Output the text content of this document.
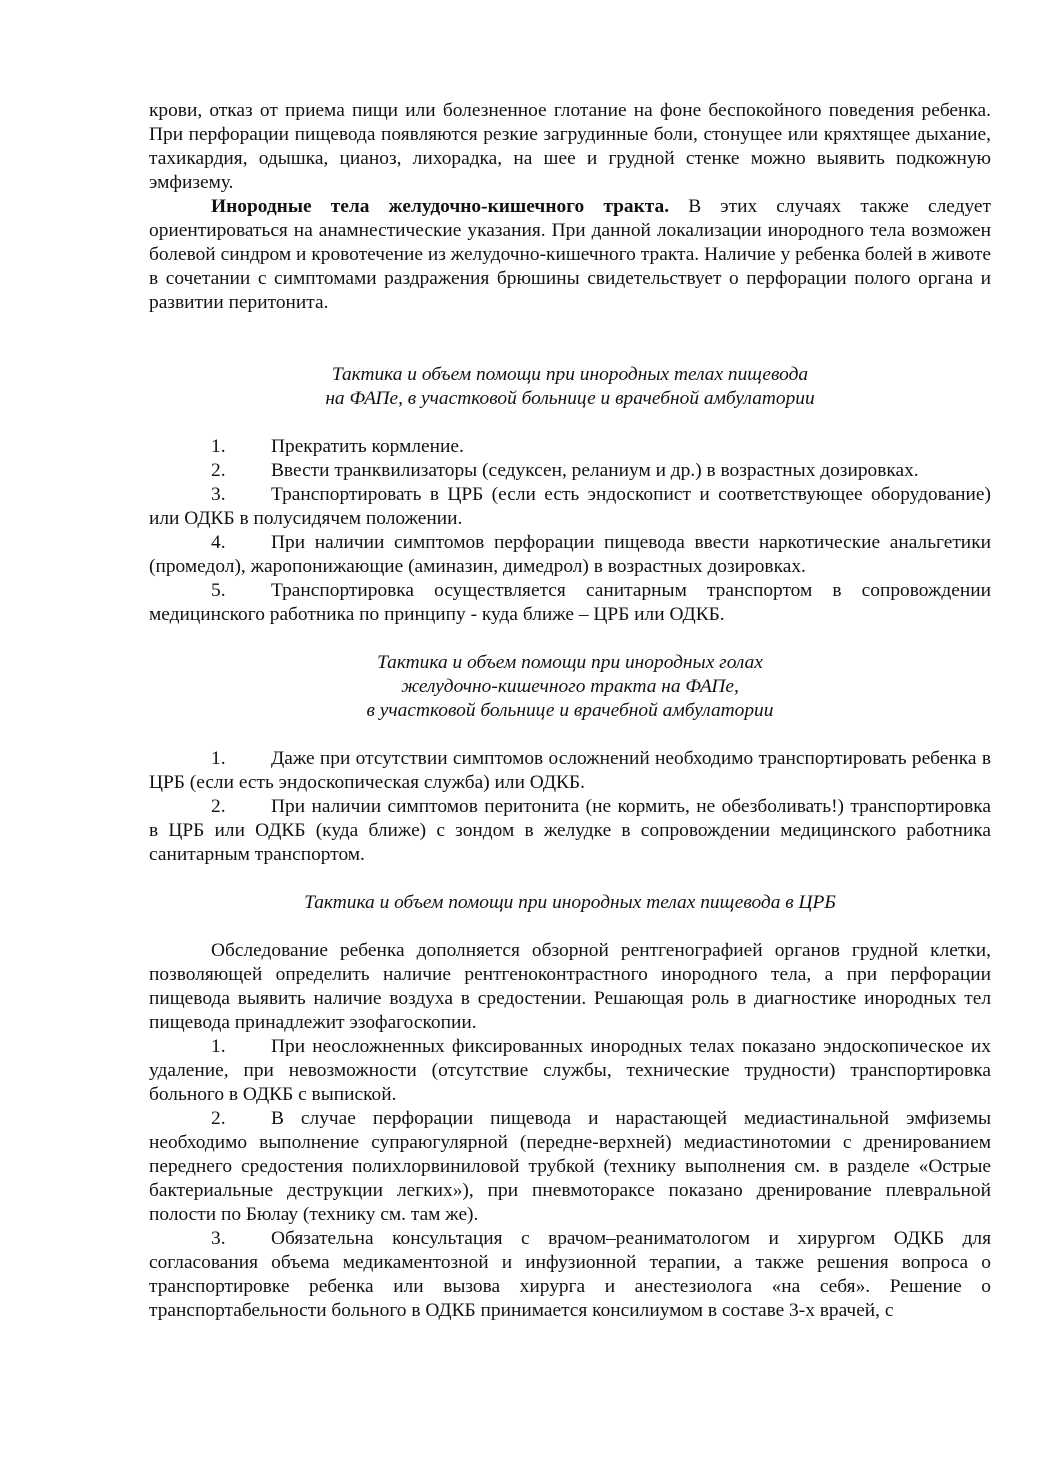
крови, отказ от приема пищи или болезненное глотание на фоне беспокойного поведения ребенка. При перфорации пищевода появляются резкие загрудинные боли, стонущее или кряхтящее дыхание, тахикардия, одышка, цианоз, лихорадка, на шее и грудной стенке можно выявить подкожную эмфизему.

Инородные тела желудочно-кишечного тракта. В этих случаях также следует ориентироваться на анамнестические указания. При данной локализации инородного тела возможен болевой синдром и кровотечение из желудочно-кишечного тракта. Наличие у ребенка болей в животе в сочетании с симптомами раздражения брюшины свидетельствует о перфорации полого органа и развитии перитонита.

Тактика и объем помощи при инородных телах пищевода
на ФАПе, в участковой больнице и врачебной амбулатории

1. Прекратить кормление.

2. Ввести транквилизаторы (седуксен, реланиум и др.) в возрастных дозировках.

3. Транспортировать в ЦРБ (если есть эндоскопист и соответствующее оборудование) или ОДКБ в полусидячем положении.

4. При наличии симптомов перфорации пищевода ввести наркотические анальгетики (промедол), жаропонижающие (аминазин, димедрол) в возрастных дозировках.

5. Транспортировка осуществляется санитарным транспортом в сопровождении медицинского работника по принципу - куда ближе – ЦРБ или ОДКБ.

Тактика и объем помощи при инородных голах
желудочно-кишечного тракта на ФАПе,
в участковой больнице и врачебной амбулатории

1. Даже при отсутствии симптомов осложнений необходимо транспортировать ребенка в ЦРБ (если есть эндоскопическая служба) или ОДКБ.

2. При наличии симптомов перитонита (не кормить, не обезболивать!) транспортировка в ЦРБ или ОДКБ (куда ближе) с зондом в желудке в сопровождении медицинского работника санитарным транспортом.

Тактика и объем помощи при инородных телах пищевода в ЦРБ

Обследование ребенка дополняется обзорной рентгенографией органов грудной клетки, позволяющей определить наличие рентгеноконтрастного инородного тела, а при перфорации пищевода выявить наличие воздуха в средостении. Решающая роль в диагностике инородных тел пищевода принадлежит эзофагоскопии.

1. При неосложненных фиксированных инородных телах показано эндоскопическое их удаление, при невозможности (отсутствие службы, технические трудности) транспортировка больного в ОДКБ с выпиской.

2. В случае перфорации пищевода и нарастающей медиастинальной эмфиземы необходимо выполнение супраюгулярной (передне-верхней) медиастинотомии с дренированием переднего средостения полихлорвиниловой трубкой (технику выполнения см. в разделе «Острые бактериальные деструкции легких»), при пневмотораксе показано дренирование плевральной полости по Бюлау (технику см. там же).

3. Обязательна консультация с врачом–реаниматологом и хирургом ОДКБ для согласования объема медикаментозной и инфузионной терапии, а также решения вопроса о транспортировке ребенка или вызова хирурга и анестезиолога «на себя». Решение о транспортабельности больного в ОДКБ принимается консилиумом в составе 3-х врачей, с
